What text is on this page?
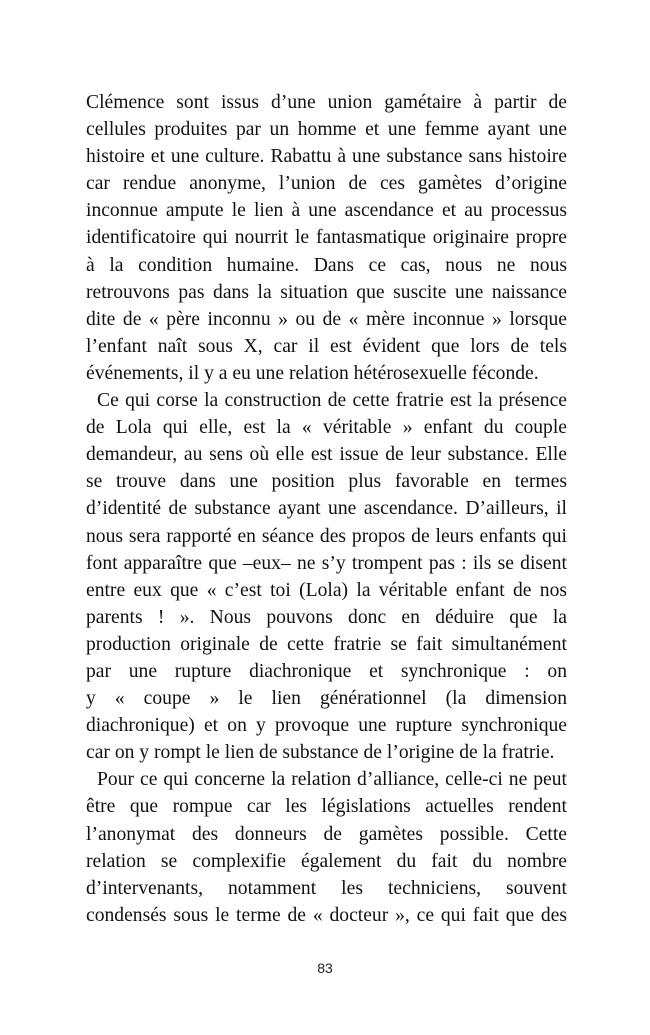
Clémence sont issus d’une union gamétaire à partir de
cellules produites par un homme et une femme ayant une
histoire et une culture. Rabattu à une substance sans histoire
car rendue anonyme, l’union de ces gamètes d’origine
inconnue ampute le lien à une ascendance et au processus
identificatoire qui nourrit le fantasmatique originaire propre
à la condition humaine. Dans ce cas, nous ne nous
retrouvons pas dans la situation que suscite une naissance
dite de « père inconnu » ou de « mère inconnue » lorsque
l’enfant naît sous X, car il est évident que lors de tels
événements, il y a eu une relation hétérosexuelle féconde.
Ce qui corse la construction de cette fratrie est la présence
de Lola qui elle, est la « véritable » enfant du couple
demandeur, au sens où elle est issue de leur substance. Elle
se trouve dans une position plus favorable en termes
d’identité de substance ayant une ascendance. D’ailleurs, il
nous sera rapporté en séance des propos de leurs enfants qui
font apparaître que –eux– ne s’y trompent pas : ils se disent
entre eux que « c’est toi (Lola) la véritable enfant de nos
parents ! ». Nous pouvons donc en déduire que la
production originale de cette fratrie se fait simultanément
par une rupture diachronique et synchronique : on
y « coupe » le lien générationnel (la dimension
diachronique) et on y provoque une rupture synchronique
car on y rompt le lien de substance de l’origine de la fratrie.
Pour ce qui concerne la relation d’alliance, celle-ci ne peut
être que rompue car les législations actuelles rendent
l’anonymat des donneurs de gamètes possible. Cette
relation se complexifie également du fait du nombre
d’intervenants, notamment les techniciens, souvent
condensés sous le terme de « docteur », ce qui fait que des
83
